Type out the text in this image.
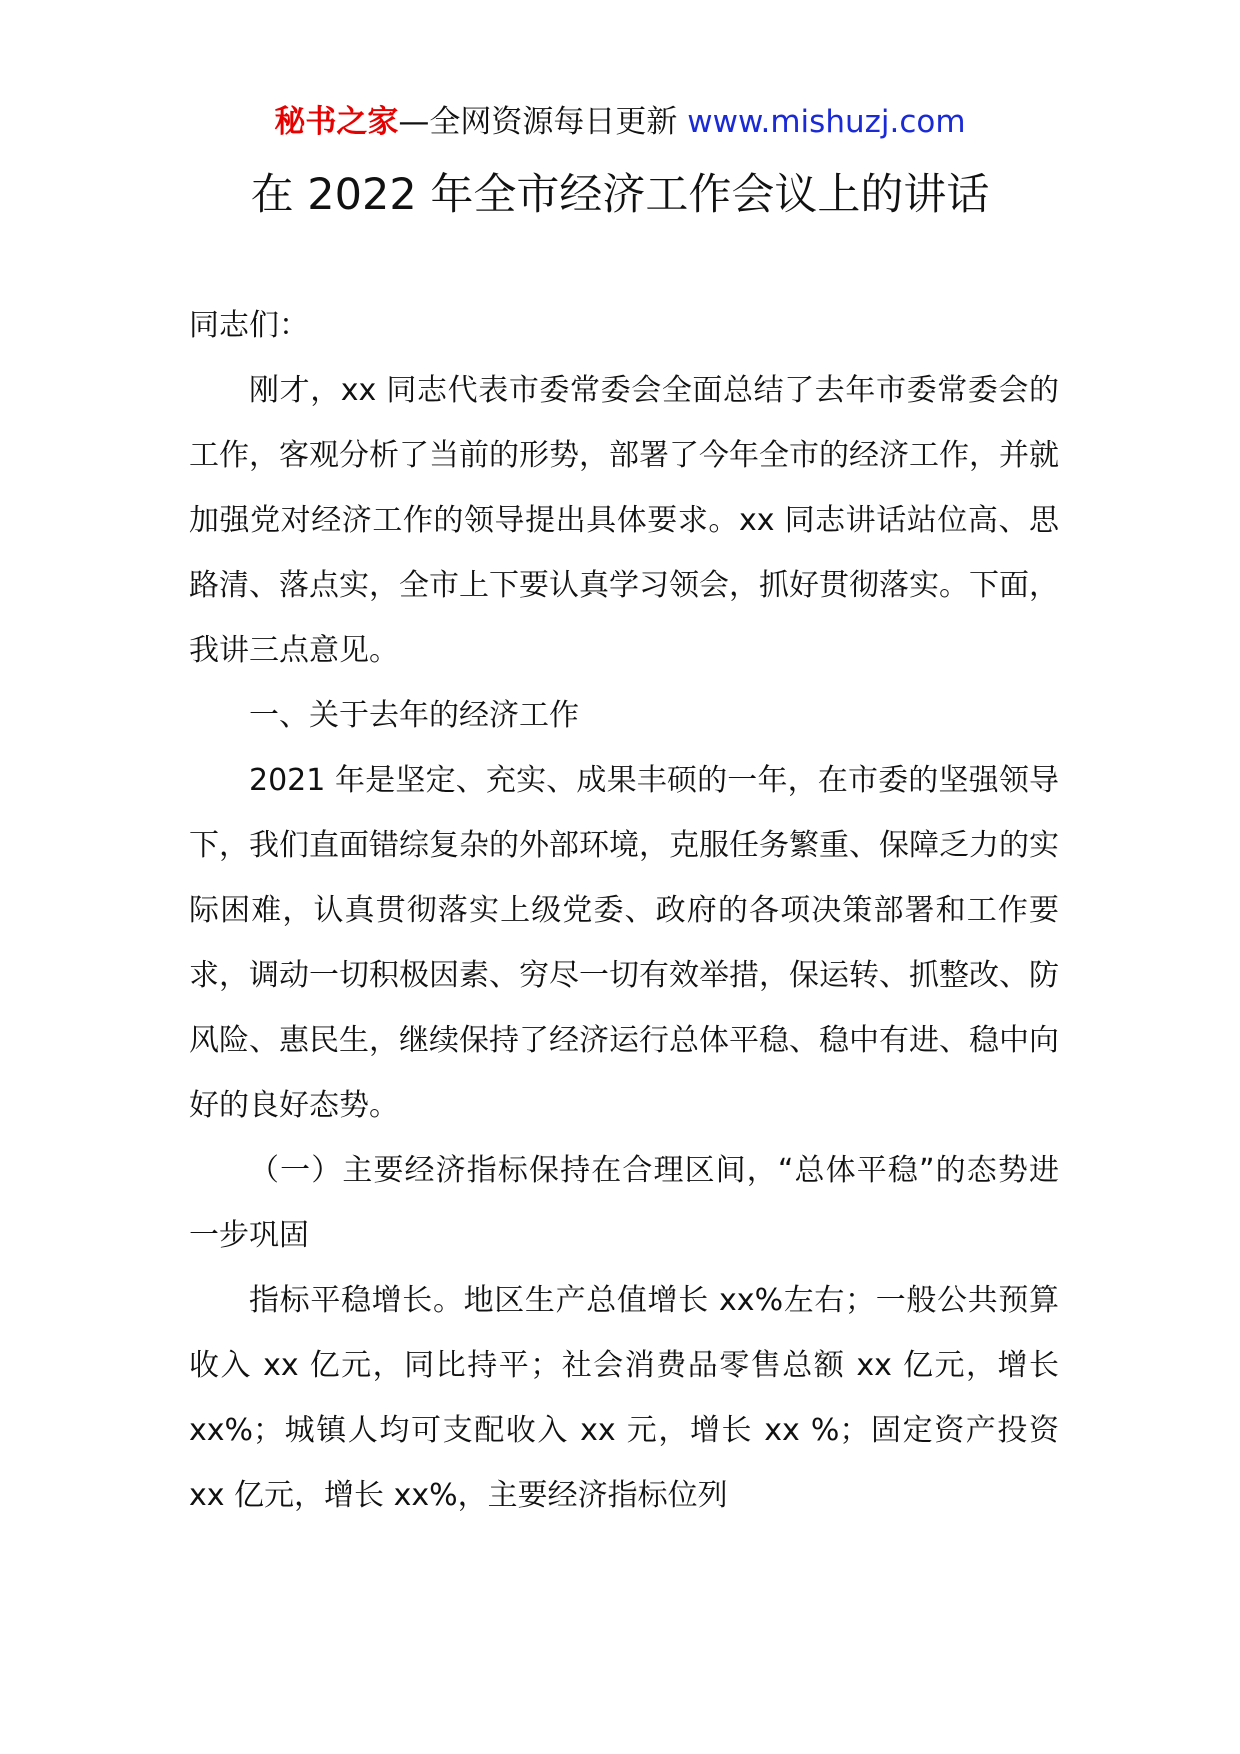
秘书之家—全网资源每日更新 www.mishuzj.com
在 2022 年全市经济工作会议上的讲话

同志们：

刚才，xx 同志代表市委常委会全面总结了去年市委常委会的工作，客观分析了当前的形势，部署了今年全市的经济工作，并就加强党对经济工作的领导提出具体要求。xx 同志讲话站位高、思路清、落点实，全市上下要认真学习领会，抓好贯彻落实。下面，我讲三点意见。

一、关于去年的经济工作

2021 年是坚定、充实、成果丰硕的一年，在市委的坚强领导下，我们直面错综复杂的外部环境，克服任务繁重、保障乏力的实际困难，认真贯彻落实上级党委、政府的各项决策部署和工作要求，调动一切积极因素、穷尽一切有效举措，保运转、抓整改、防风险、惠民生，继续保持了经济运行总体平稳、稳中有进、稳中向好的良好态势。

（一）主要经济指标保持在合理区间，“总体平稳”的态势进一步巩固

指标平稳增长。地区生产总值增长 xx%左右；一般公共预算收入 xx 亿元，同比持平；社会消费品零售总额 xx 亿元，增长 xx%；城镇人均可支配收入 xx 元，增长 xx %；固定资产投资 xx 亿元，增长 xx%，主要经济指标位列
